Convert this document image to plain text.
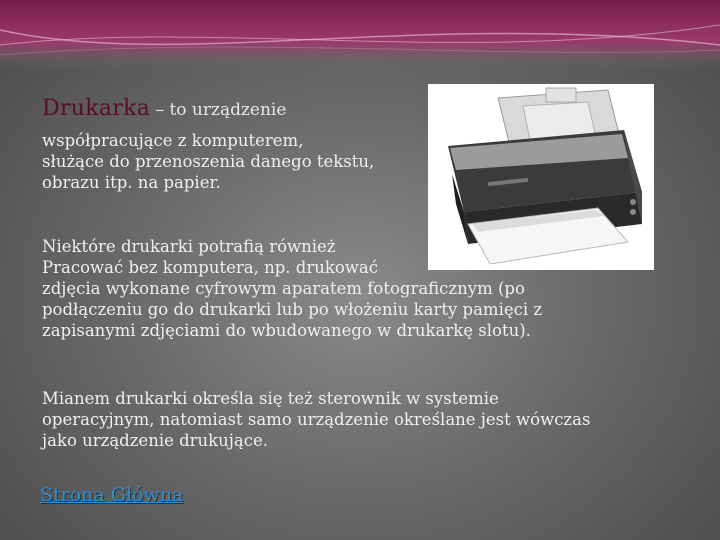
Drukarka – to urządzenie
współpracujące z komputerem,
służące do przenoszenia danego tekstu,
obrazu itp. na papier.
Niektóre drukarki potrafią również
Pracować bez komputera, np. drukować
zdjęcia wykonane cyfrowym aparatem fotograficznym (po
podłączeniu go do drukarki lub po włożeniu karty pamięci z
zapisanymi zdjęciami do wbudowanego w drukarkę slotu).
Mianem drukarki określa się też sterownik w systemie
operacyjnym, natomiast samo urządzenie określane jest wówczas
jako urządzenie drukujące.
Strona Główna
